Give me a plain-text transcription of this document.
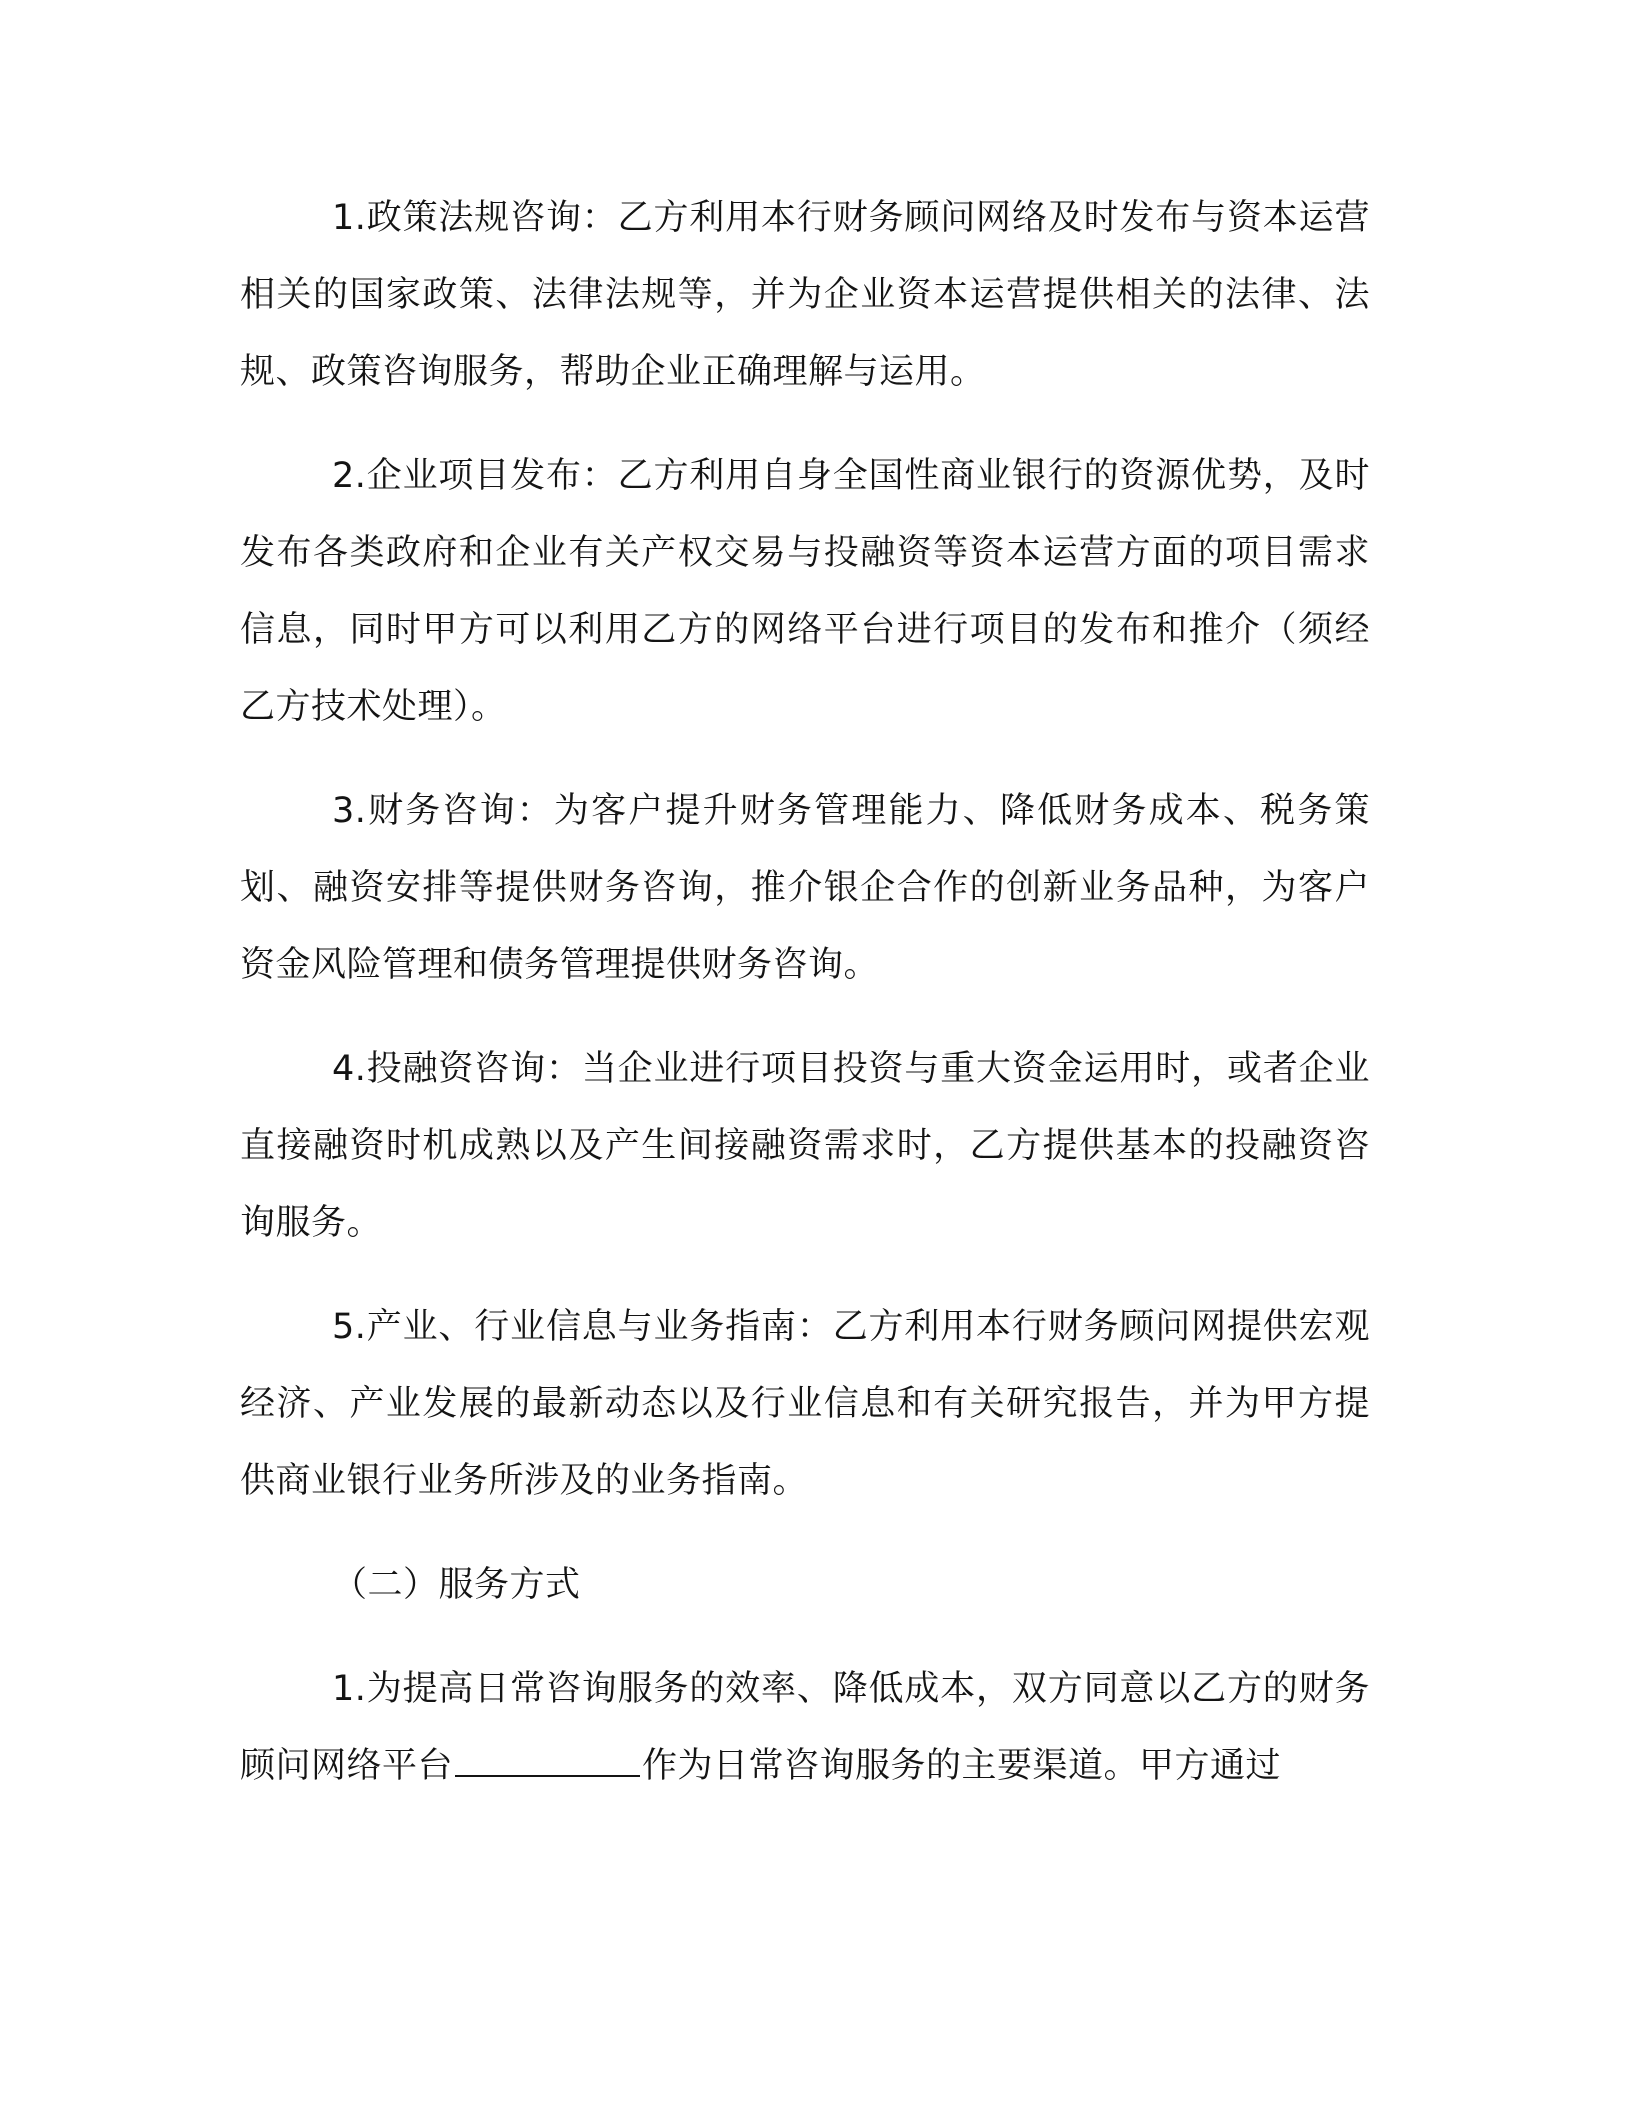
1.政策法规咨询：乙方利用本行财务顾问网络及时发布与资本运营相关的国家政策、法律法规等，并为企业资本运营提供相关的法律、法规、政策咨询服务，帮助企业正确理解与运用。

2.企业项目发布：乙方利用自身全国性商业银行的资源优势，及时发布各类政府和企业有关产权交易与投融资等资本运营方面的项目需求信息，同时甲方可以利用乙方的网络平台进行项目的发布和推介（须经乙方技术处理）。

3.财务咨询：为客户提升财务管理能力、降低财务成本、税务策划、融资安排等提供财务咨询，推介银企合作的创新业务品种，为客户资金风险管理和债务管理提供财务咨询。

4.投融资咨询：当企业进行项目投资与重大资金运用时，或者企业直接融资时机成熟以及产生间接融资需求时，乙方提供基本的投融资咨询服务。

5.产业、行业信息与业务指南：乙方利用本行财务顾问网提供宏观经济、产业发展的最新动态以及行业信息和有关研究报告，并为甲方提供商业银行业务所涉及的业务指南。

（二）服务方式

1.为提高日常咨询服务的效率、降低成本，双方同意以乙方的财务顾问网络平台	作为日常咨询服务的主要渠道。甲方通过
